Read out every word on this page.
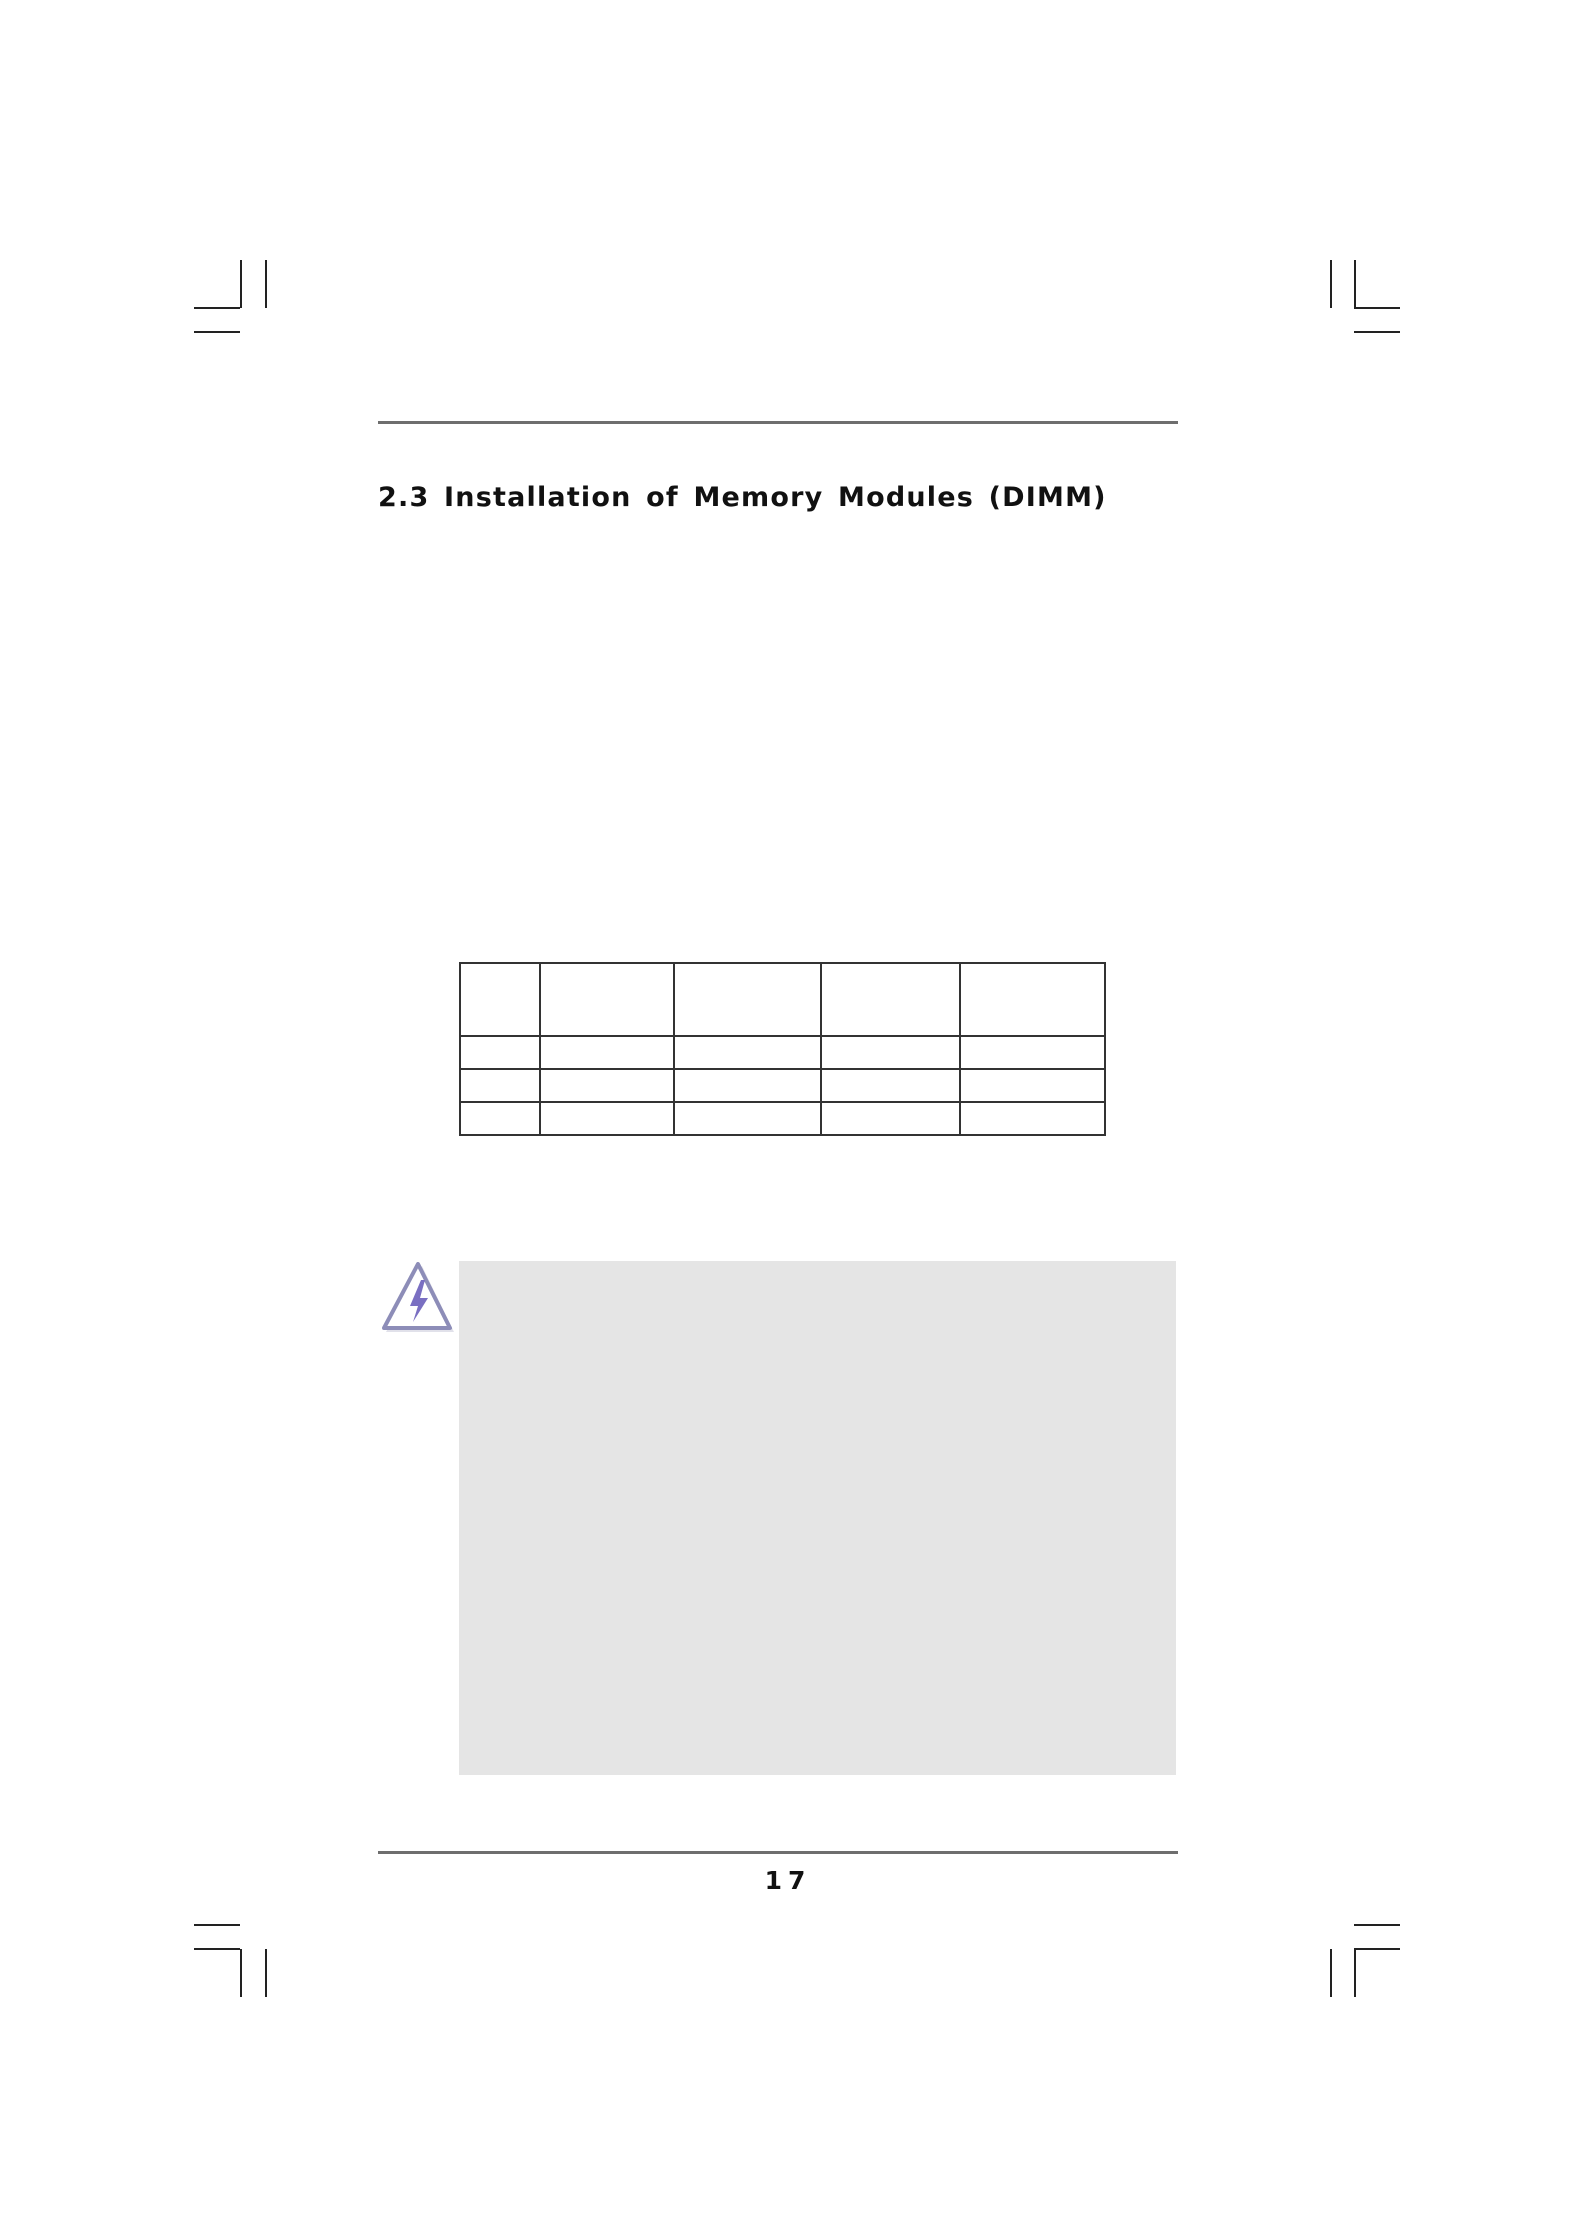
2.3 Installation of Memory Modules (DIMM)

17
